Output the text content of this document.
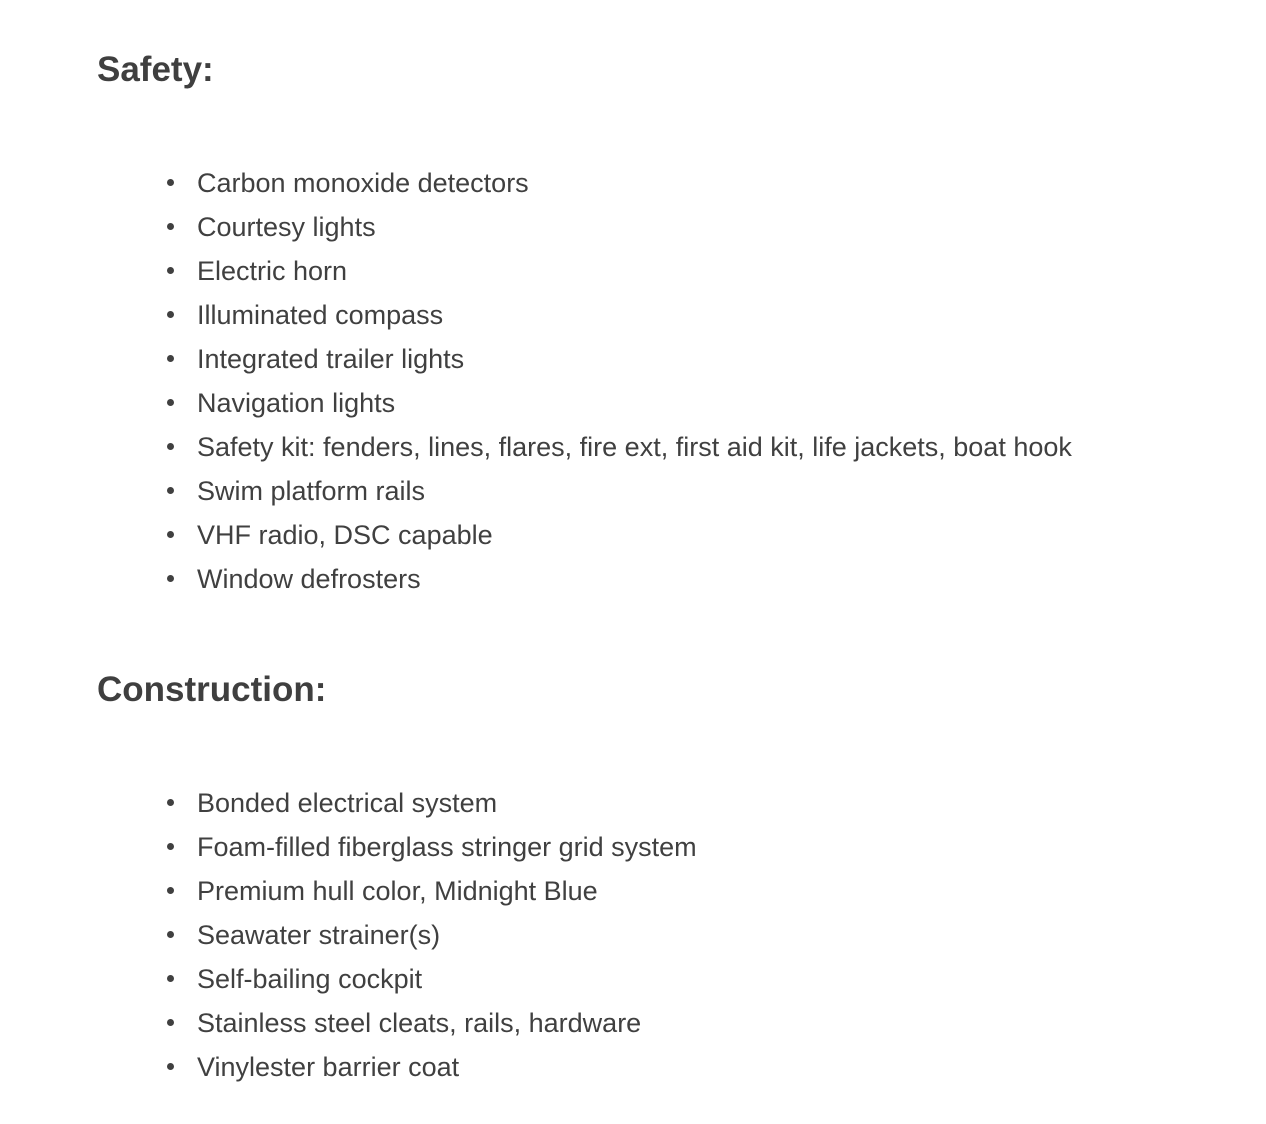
Safety:
Carbon monoxide detectors
Courtesy lights
Electric horn
Illuminated compass
Integrated trailer lights
Navigation lights
Safety kit: fenders, lines, flares, fire ext, first aid kit, life jackets, boat hook
Swim platform rails
VHF radio, DSC capable
Window defrosters
Construction:
Bonded electrical system
Foam-filled fiberglass stringer grid system
Premium hull color, Midnight Blue
Seawater strainer(s)
Self-bailing cockpit
Stainless steel cleats, rails, hardware
Vinylester barrier coat
